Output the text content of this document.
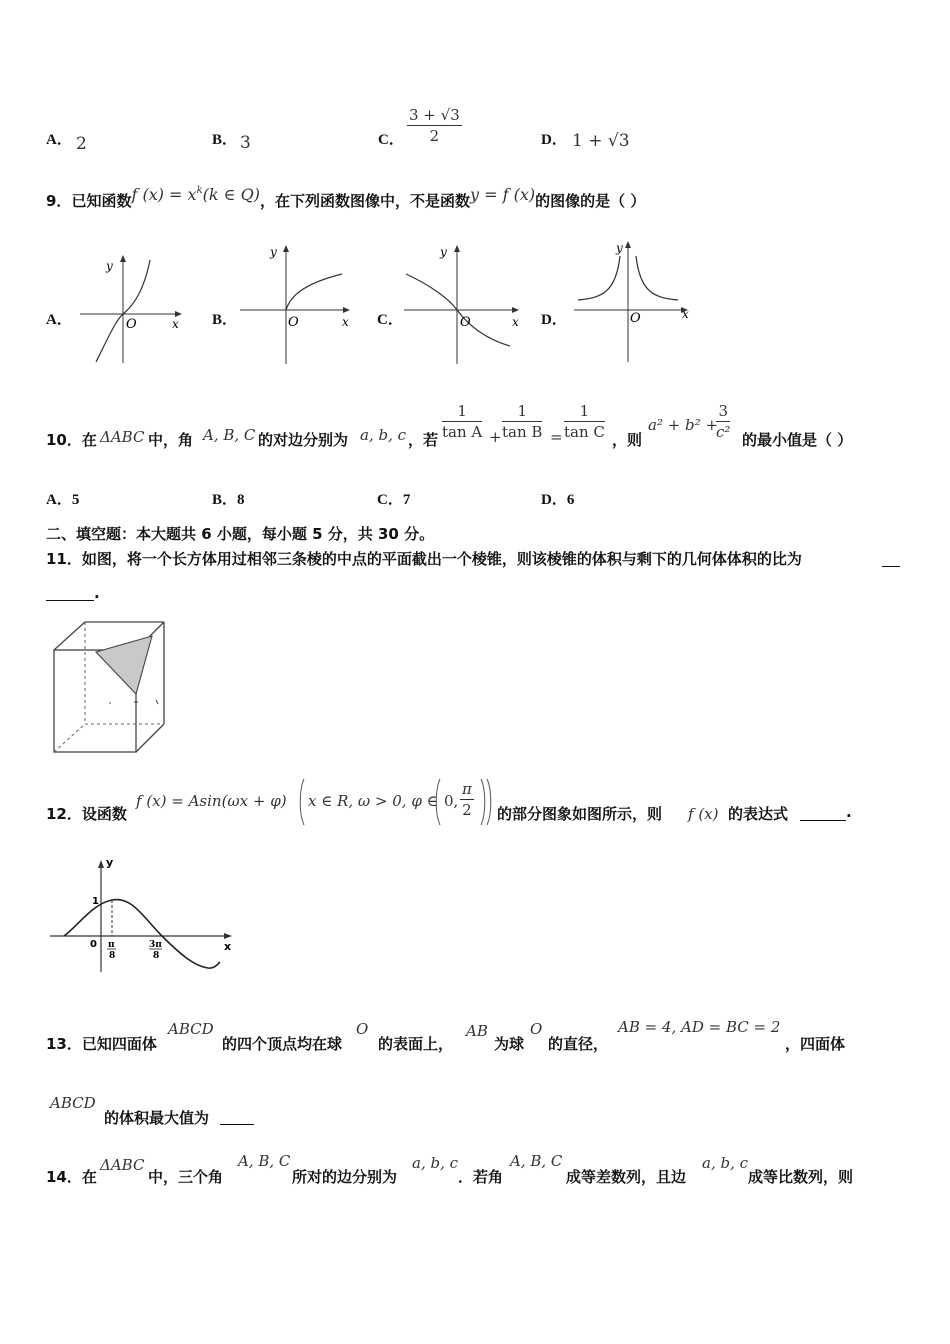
A． 2	B． 3	C． $\frac{3 + √3}{2}$	D． 1 + √3
9．已知函数f $(x) = x^k(k$ ∈ Q)，在下列函数图像中，不是函数y = f (x)的图像的是（ ）
A．
y
x
O	B．
y
x
O	C．
y
x
O	D．
y
x
O
10．在 ΔABC 中，角 A, B, C 的对边分别为 a, b, c ，若 $\frac{1}{\text{tan A}} + \frac{1}{\text{tan B}} = \frac{1}{\text{tan C}}$ ，则
a² + b² +
$\frac{3}{\text{c²}}$ 的最小值是（ ）
A．5	B．8	C．7	D．6
二、填空题：本大题共 6 小题，每小题 5 分，共 30 分。
11．如图，将一个长方体用过相邻三条棱的中点的平面截出一个棱锥，则该棱锥的体积与剩下的几何体体积的比为
.
12．设函数
f (x) = Asin(ωx + φ) x ∈ R, ω > 0, φ ∈ 0, $\frac{\pi}{2}$ 的部分图象如图所示，则 f (x) 的表达式	.
y
x
0
1
π
8
3π
8
13．已知四面体
ABCD
的四个顶点均在球
O
的表面上，
AB
为球
O
的直径，
AB = 4, AD = BC = 2
，四面体
ABCD
的体积最大值为
14．在
ΔABC
中，三个角
A, B, C
所对的边分别为
a, b, c
．若角
A, B, C
成等差数列，且边
a, b, c
成等比数列，则
